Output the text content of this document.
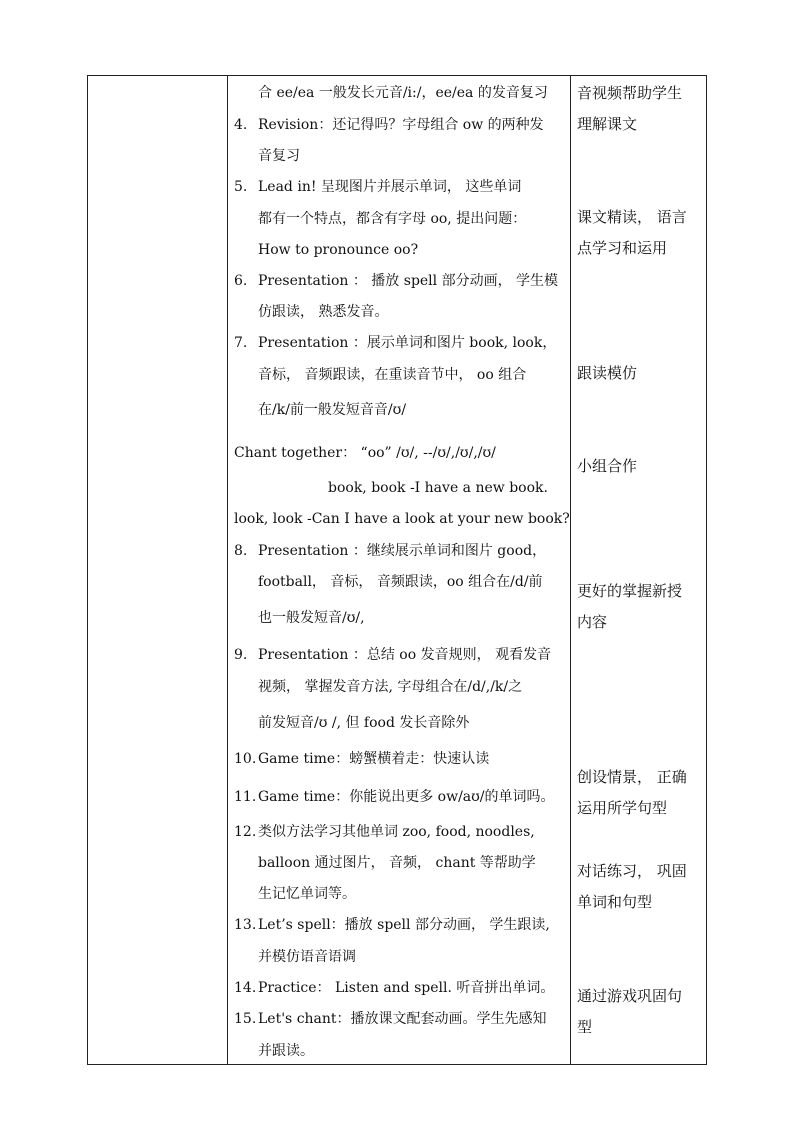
合 ee/ea 一般发长元音/i:/，ee/ea 的发音复习
4. Revision：还记得吗？字母组合 ow 的两种发
音复习
5. Lead in! 呈现图片并展示单词， 这些单词
都有一个特点，都含有字母 oo, 提出问题：
How to pronounce oo?
6. Presentation ： 播放 spell 部分动画， 学生模
仿跟读， 熟悉发音。
7. Presentation ：展示单词和图片 book, look，
音标， 音频跟读，在重读音节中， oo 组合
在/k/前一般发短音音/ʊ/
Chant together： “oo” /ʊ/, --/ʊ/,/ʊ/,/ʊ/
book, book -I have a new book.
look, look -Can I have a look at your new book?
8. Presentation ：继续展示单词和图片 good，
football， 音标， 音频跟读，oo 组合在/d/前
也一般发短音/ʊ/,
9. Presentation ：总结 oo 发音规则， 观看发音
视频， 掌握发音方法, 字母组合在/d/,/k/之
前发短音/ʊ /, 但 food 发长音除外
10. Game time：螃蟹横着走：快速认读
11. Game time：你能说出更多 ow/aʊ/的单词吗。
12. 类似方法学习其他单词 zoo, food, noodles,
balloon 通过图片， 音频， chant 等帮助学
生记忆单词等。
13. Let’s spell：播放 spell 部分动画， 学生跟读,
并模仿语音语调
14. Practice： Listen and spell. 听音拼出单词。
15. Let's chant：播放课文配套动画。学生先感知
并跟读。
音视频帮助学生
理解课文
课文精读， 语言
点学习和运用
跟读模仿
小组合作
更好的掌握新授
内容
创设情景， 正确
运用所学句型
对话练习， 巩固
单词和句型
通过游戏巩固句
型
